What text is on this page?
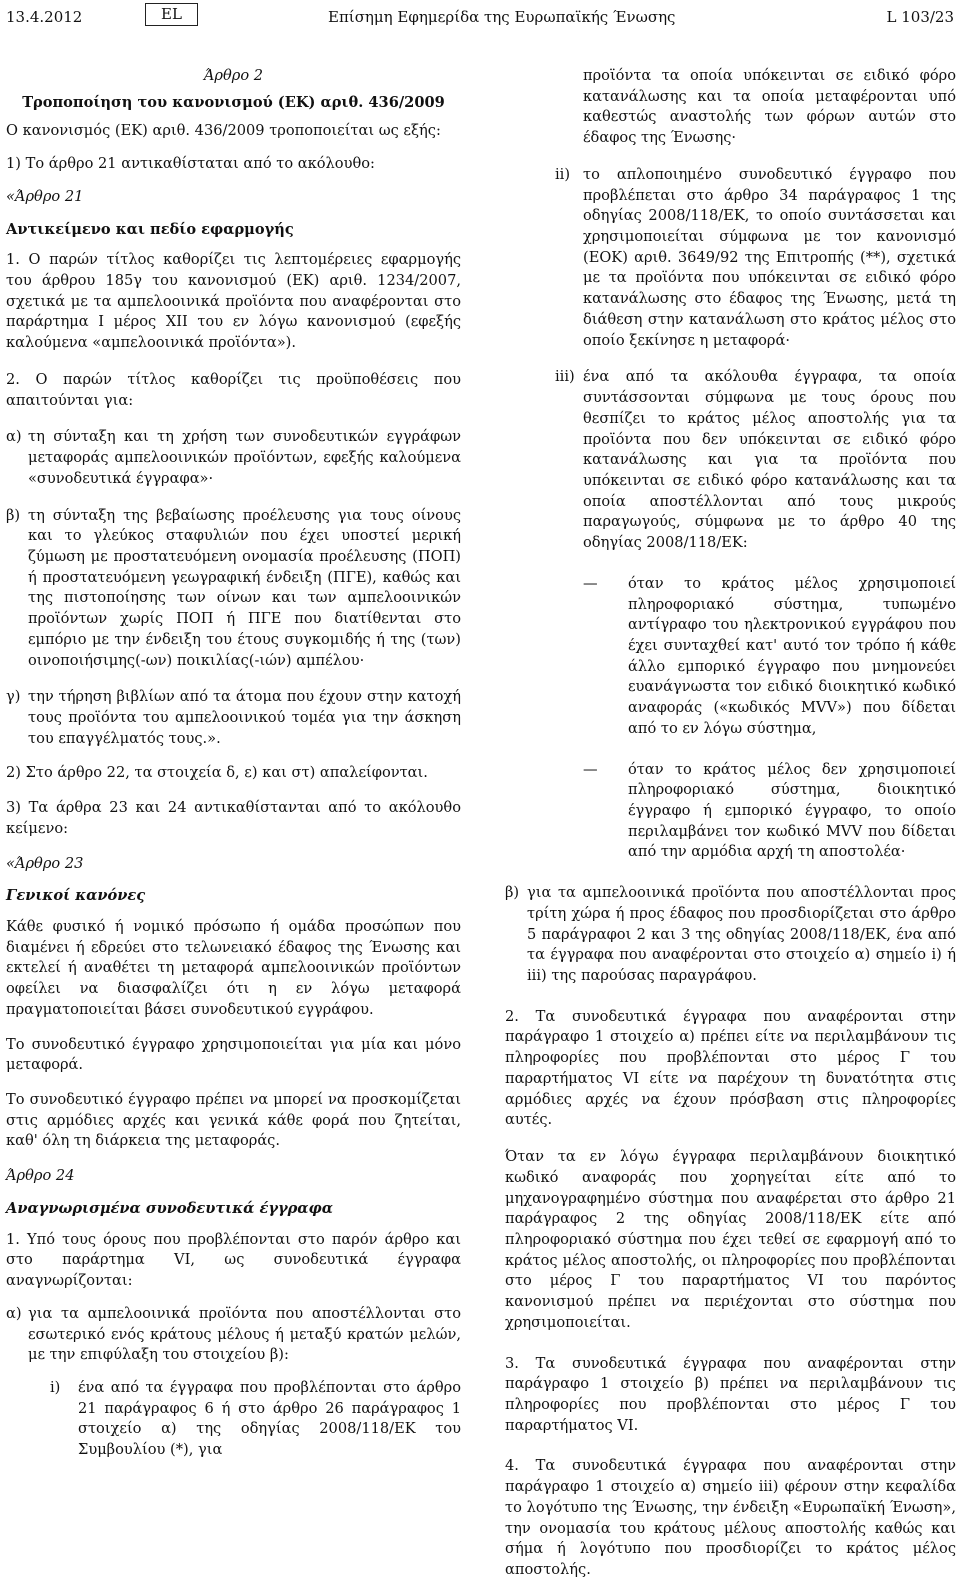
13.4.2012	EL	Επίσημη Εφημερίδα της Ευρωπαϊκής Ένωσης	L 103/23

Άρθρο 2

Τροποποίηση του κανονισμού (ΕΚ) αριθ. 436/2009

Ο κανονισμός (ΕΚ) αριθ. 436/2009 τροποποιείται ως εξής:

1) Το άρθρο 21 αντικαθίσταται από το ακόλουθο:

«Άρθρο 21

Αντικείμενο και πεδίο εφαρμογής

1. Ο παρών τίτλος καθορίζει τις λεπτομέρειες εφαρμογής του άρθρου 185γ του κανονισμού (ΕΚ) αριθ. 1234/2007, σχετικά με τα αμπελοοινικά προϊόντα που αναφέρονται στο παράρτημα I μέρος XII του εν λόγω κανονισμού (εφεξής καλούμενα «αμπελοοινικά προϊόντα»).

2. Ο παρών τίτλος καθορίζει τις προϋποθέσεις που απαιτούνται για:

α) τη σύνταξη και τη χρήση των συνοδευτικών εγγράφων μεταφοράς αμπελοοινικών προϊόντων, εφεξής καλούμενα «συνοδευτικά έγγραφα»·
β) τη σύνταξη της βεβαίωσης προέλευσης για τους οίνους και το γλεύκος σταφυλιών που έχει υποστεί μερική ζύμωση με προστατευόμενη ονομασία προέλευσης (ΠΟΠ) ή προστατευόμενη γεωγραφική ένδειξη (ΠΓΕ), καθώς και της πιστοποίησης των οίνων και των αμπελοοινικών προϊόντων χωρίς ΠΟΠ ή ΠΓΕ που διατίθενται στο εμπόριο με την ένδειξη του έτους συγκομιδής ή της (των) οινοποιήσιμης(-ων) ποικιλίας(-ιών) αμπέλου·
γ) την τήρηση βιβλίων από τα άτομα που έχουν στην κατοχή τους προϊόντα του αμπελοοινικού τομέα για την άσκηση του επαγγέλματός τους.».

2) Στο άρθρο 22, τα στοιχεία δ, ε) και στ) απαλείφονται.

3) Τα άρθρα 23 και 24 αντικαθίστανται από το ακόλουθο κείμενο:

«Άρθρο 23

Γενικοί κανόνες

Κάθε φυσικό ή νομικό πρόσωπο ή ομάδα προσώπων που διαμένει ή εδρεύει στο τελωνειακό έδαφος της Ένωσης και εκτελεί ή αναθέτει τη μεταφορά αμπελοοινικών προϊόντων οφείλει να διασφαλίζει ότι η εν λόγω μεταφορά πραγματοποιείται βάσει συνοδευτικού εγγράφου.

Το συνοδευτικό έγγραφο χρησιμοποιείται για μία και μόνο μεταφορά.

Το συνοδευτικό έγγραφο πρέπει να μπορεί να προσκομίζεται στις αρμόδιες αρχές και γενικά κάθε φορά που ζητείται, καθ' όλη τη διάρκεια της μεταφοράς.

Άρθρο 24

Αναγνωρισμένα συνοδευτικά έγγραφα

1. Υπό τους όρους που προβλέπονται στο παρόν άρθρο και στο παράρτημα VI, ως συνοδευτικά έγγραφα αναγνωρίζονται:

α) για τα αμπελοοινικά προϊόντα που αποστέλλονται στο εσωτερικό ενός κράτους μέλους ή μεταξύ κρατών μελών, με την επιφύλαξη του στοιχείου β):
i)	ένα από τα έγγραφα που προβλέπονται στο άρθρο 21 παράγραφος 6 ή στο άρθρο 26 παράγραφος 1 στοιχείο α) της οδηγίας 2008/118/ΕΚ του Συμβουλίου (*), για

προϊόντα τα οποία υπόκεινται σε ειδικό φόρο κατανάλωσης και τα οποία μεταφέρονται υπό καθεστώς αναστολής των φόρων αυτών στο έδαφος της Ένωσης·

ii) το απλοποιημένο συνοδευτικό έγγραφο που προβλέπεται στο άρθρο 34 παράγραφος 1 της οδηγίας 2008/118/ΕΚ, το οποίο συντάσσεται και χρησιμοποιείται σύμφωνα με τον κανονισμό (ΕΟΚ) αριθ. 3649/92 της Επιτροπής (**), σχετικά με τα προϊόντα που υπόκεινται σε ειδικό φόρο κατανάλωσης στο έδαφος της Ένωσης, μετά τη διάθεση στην κατανάλωση στο κράτος μέλος στο οποίο ξεκίνησε η μεταφορά·
iii) ένα από τα ακόλουθα έγγραφα, τα οποία συντάσσονται σύμφωνα με τους όρους που θεσπίζει το κράτος μέλος αποστολής για τα προϊόντα που δεν υπόκεινται σε ειδικό φόρο κατανάλωσης και για τα προϊόντα που υπόκεινται σε ειδικό φόρο κατανάλωσης και τα οποία αποστέλλονται από τους μικρούς παραγωγούς, σύμφωνα με το άρθρο 40 της οδηγίας 2008/118/ΕΚ:
—	όταν το κράτος μέλος χρησιμοποιεί πληροφοριακό σύστημα, τυπωμένο αντίγραφο του ηλεκτρονικού εγγράφου που έχει συνταχθεί κατ' αυτό τον τρόπο ή κάθε άλλο εμπορικό έγγραφο που μνημονεύει ευανάγνωστα τον ειδικό διοικητικό κωδικό αναφοράς («κωδικός MVV») που δίδεται από το εν λόγω σύστημα,
—	όταν το κράτος μέλος δεν χρησιμοποιεί πληροφοριακό σύστημα, διοικητικό έγγραφο ή εμπορικό έγγραφο, το οποίο περιλαμβάνει τον κωδικό MVV που δίδεται από την αρμόδια αρχή τη αποστολέα·
β) για τα αμπελοοινικά προϊόντα που αποστέλλονται προς τρίτη χώρα ή προς έδαφος που προσδιορίζεται στο άρθρο 5 παράγραφοι 2 και 3 της οδηγίας 2008/118/ΕΚ, ένα από τα έγγραφα που αναφέρονται στο στοιχείο α) σημείο i) ή iii) της παρούσας παραγράφου.

2. Τα συνοδευτικά έγγραφα που αναφέρονται στην παράγραφο 1 στοιχείο α) πρέπει είτε να περιλαμβάνουν τις πληροφορίες που προβλέπονται στο μέρος Γ του παραρτήματος VI είτε να παρέχουν τη δυνατότητα στις αρμόδιες αρχές να έχουν πρόσβαση στις πληροφορίες αυτές.

Όταν τα εν λόγω έγγραφα περιλαμβάνουν διοικητικό κωδικό αναφοράς που χορηγείται είτε από το μηχανογραφημένο σύστημα που αναφέρεται στο άρθρο 21 παράγραφος 2 της οδηγίας 2008/118/ΕΚ είτε από πληροφοριακό σύστημα που έχει τεθεί σε εφαρμογή από το κράτος μέλος αποστολής, οι πληροφορίες που προβλέπονται στο μέρος Γ του παραρτήματος VI του παρόντος κανονισμού πρέπει να περιέχονται στο σύστημα που χρησιμοποιείται.

3. Τα συνοδευτικά έγγραφα που αναφέρονται στην παράγραφο 1 στοιχείο β) πρέπει να περιλαμβάνουν τις πληροφορίες που προβλέπονται στο μέρος Γ του παραρτήματος VI.

4. Τα συνοδευτικά έγγραφα που αναφέρονται στην παράγραφο 1 στοιχείο α) σημείο iii) φέρουν στην κεφαλίδα το λογότυπο της Ένωσης, την ένδειξη «Ευρωπαϊκή Ένωση», την ονομασία του κράτους μέλους αποστολής καθώς και σήμα ή λογότυπο που προσδιορίζει το κράτος μέλος αποστολής.
